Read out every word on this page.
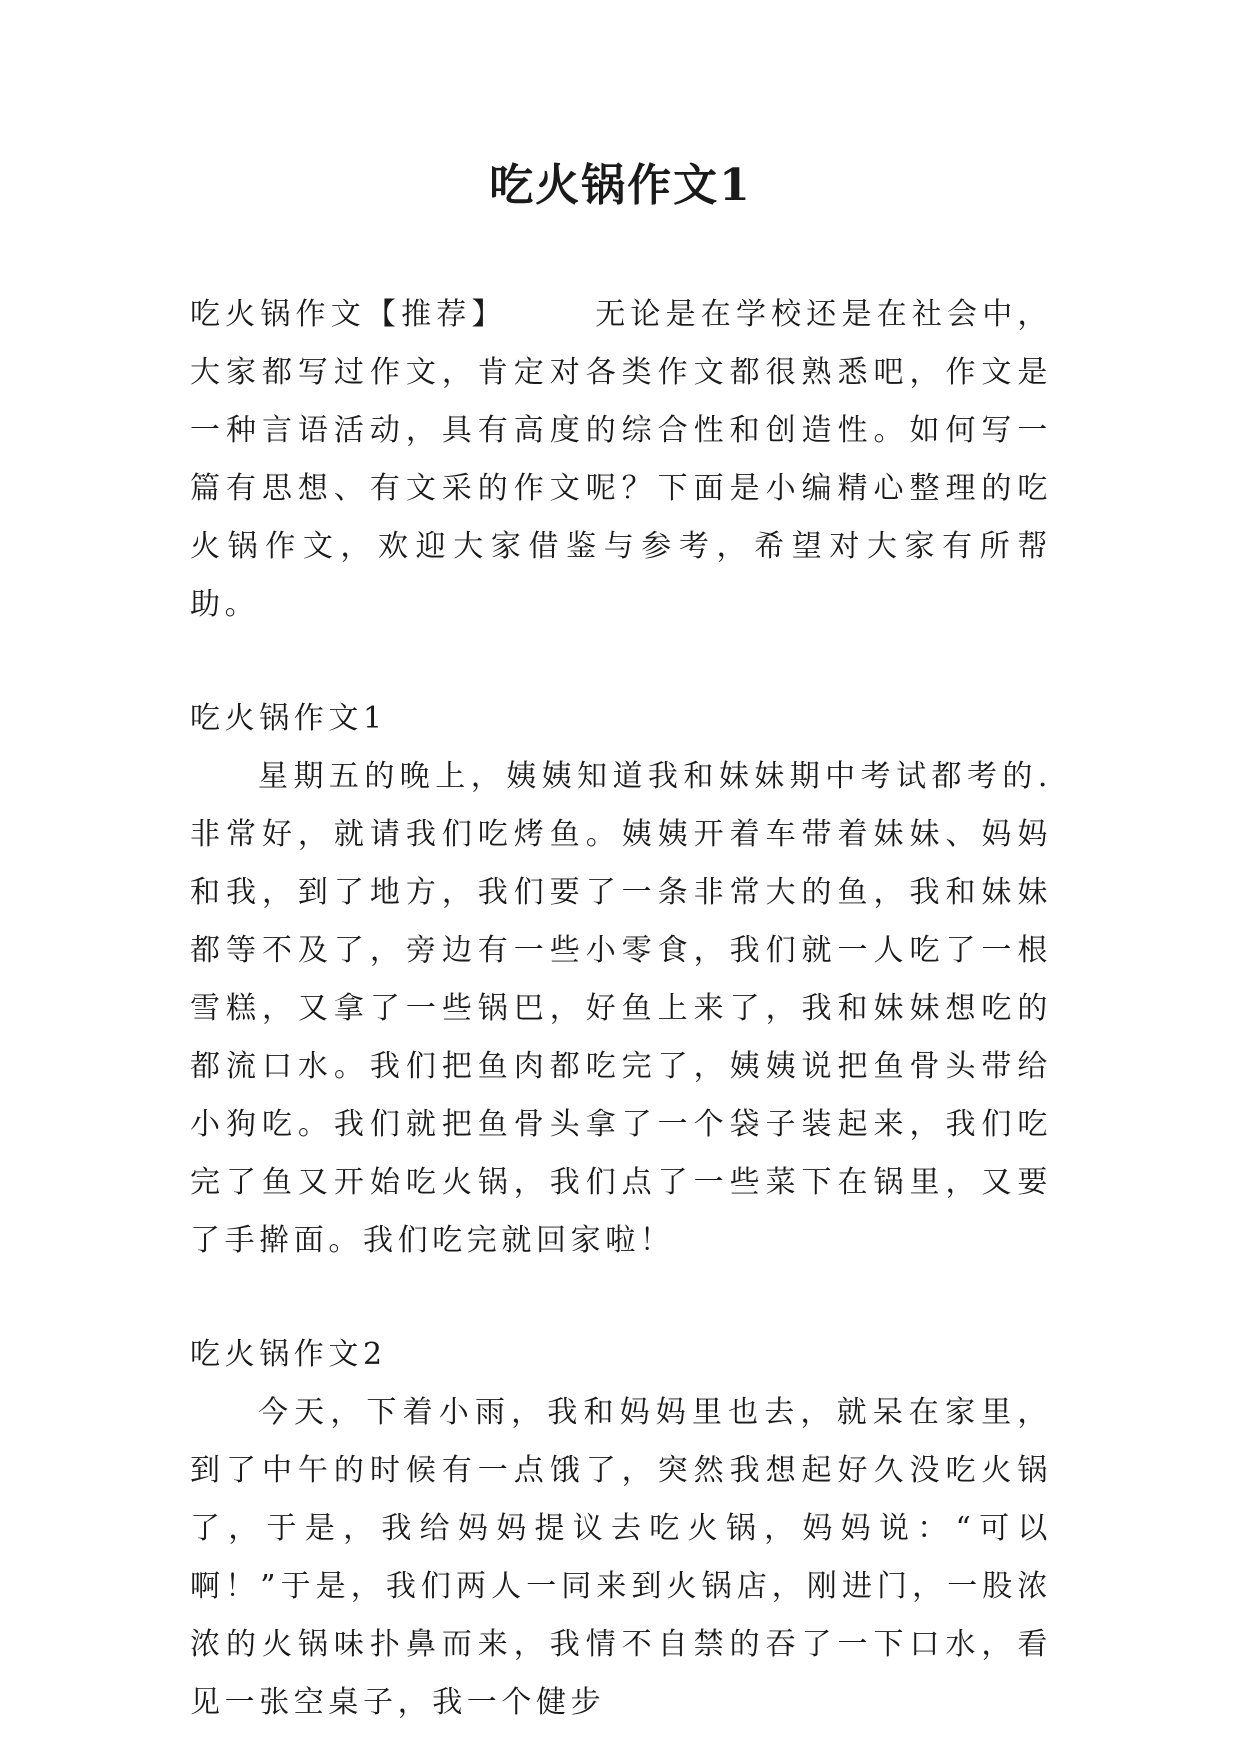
吃火锅作文1

吃火锅作文【推荐】	无论是在学校还是在社会中，大家都写过作文，肯定对各类作文都很熟悉吧，作文是一种言语活动，具有高度的综合性和创造性。如何写一篇有思想、有文采的作文呢？下面是小编精心整理的吃火锅作文，欢迎大家借鉴与参考，希望对大家有所帮助。

吃火锅作文1

星期五的晚上，姨姨知道我和妹妹期中考试都考的.非常好，就请我们吃烤鱼。姨姨开着车带着妹妹、妈妈和我，到了地方，我们要了一条非常大的鱼，我和妹妹都等不及了，旁边有一些小零食，我们就一人吃了一根雪糕，又拿了一些锅巴，好鱼上来了，我和妹妹想吃的都流口水。我们把鱼肉都吃完了，姨姨说把鱼骨头带给小狗吃。我们就把鱼骨头拿了一个袋子装起来，我们吃完了鱼又开始吃火锅，我们点了一些菜下在锅里，又要了手擀面。我们吃完就回家啦！

吃火锅作文2

今天，下着小雨，我和妈妈里也去，就呆在家里，到了中午的时候有一点饿了，突然我想起好久没吃火锅了，于是，我给妈妈提议去吃火锅，妈妈说：“可以啊！”于是，我们两人一同来到火锅店，刚进门，一股浓浓的火锅味扑鼻而来，我情不自禁的吞了一下口水，看见一张空桌子，我一个健步
